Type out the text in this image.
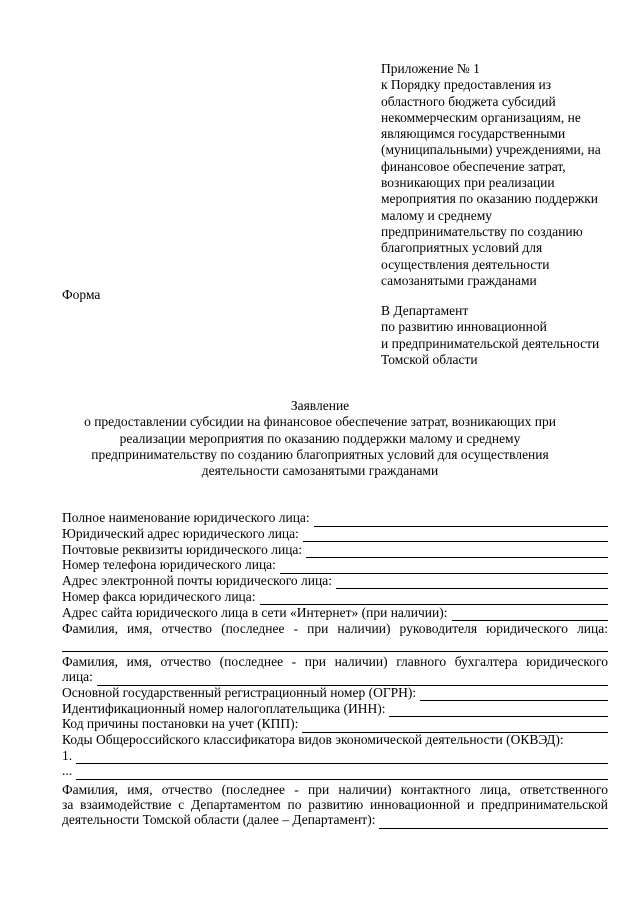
Приложение № 1
к Порядку предоставления из
областного бюджета субсидий
некоммерческим организациям, не
являющимся государственными
(муниципальными) учреждениями, на
финансовое обеспечение затрат,
возникающих при реализации
мероприятия по оказанию поддержки
малому и среднему
предпринимательству по созданию
благоприятных условий для
осуществления деятельности
самозанятыми гражданами
Форма
В Департамент
по развитию инновационной
и предпринимательской деятельности
Томской области
Заявление
о предоставлении субсидии на финансовое обеспечение затрат, возникающих при
реализации мероприятия по оказанию поддержки малому и среднему
предпринимательству по созданию благоприятных условий для осуществления
деятельности самозанятыми гражданами
Полное наименование юридического лица:
Юридический адрес юридического лица:
Почтовые реквизиты юридического лица:
Номер телефона юридического лица:
Адрес электронной почты юридического лица:
Номер факса юридического лица:
Адрес сайта юридического лица в сети «Интернет» (при наличии):
Фамилия, имя, отчество (последнее - при наличии) руководителя юридического лица:
Фамилия, имя, отчество (последнее - при наличии) главного бухгалтера юридического
лица:
Основной государственный регистрационный номер (ОГРН):
Идентификационный номер налогоплательщика (ИНН):
Код причины постановки на учет (КПП):
Коды Общероссийского классификатора видов экономической деятельности (ОКВЭД):
1.
...
Фамилия, имя, отчество (последнее - при наличии) контактного лица, ответственного
за взаимодействие с Департаментом по развитию инновационной и предпринимательской
деятельности Томской области (далее – Департамент):
